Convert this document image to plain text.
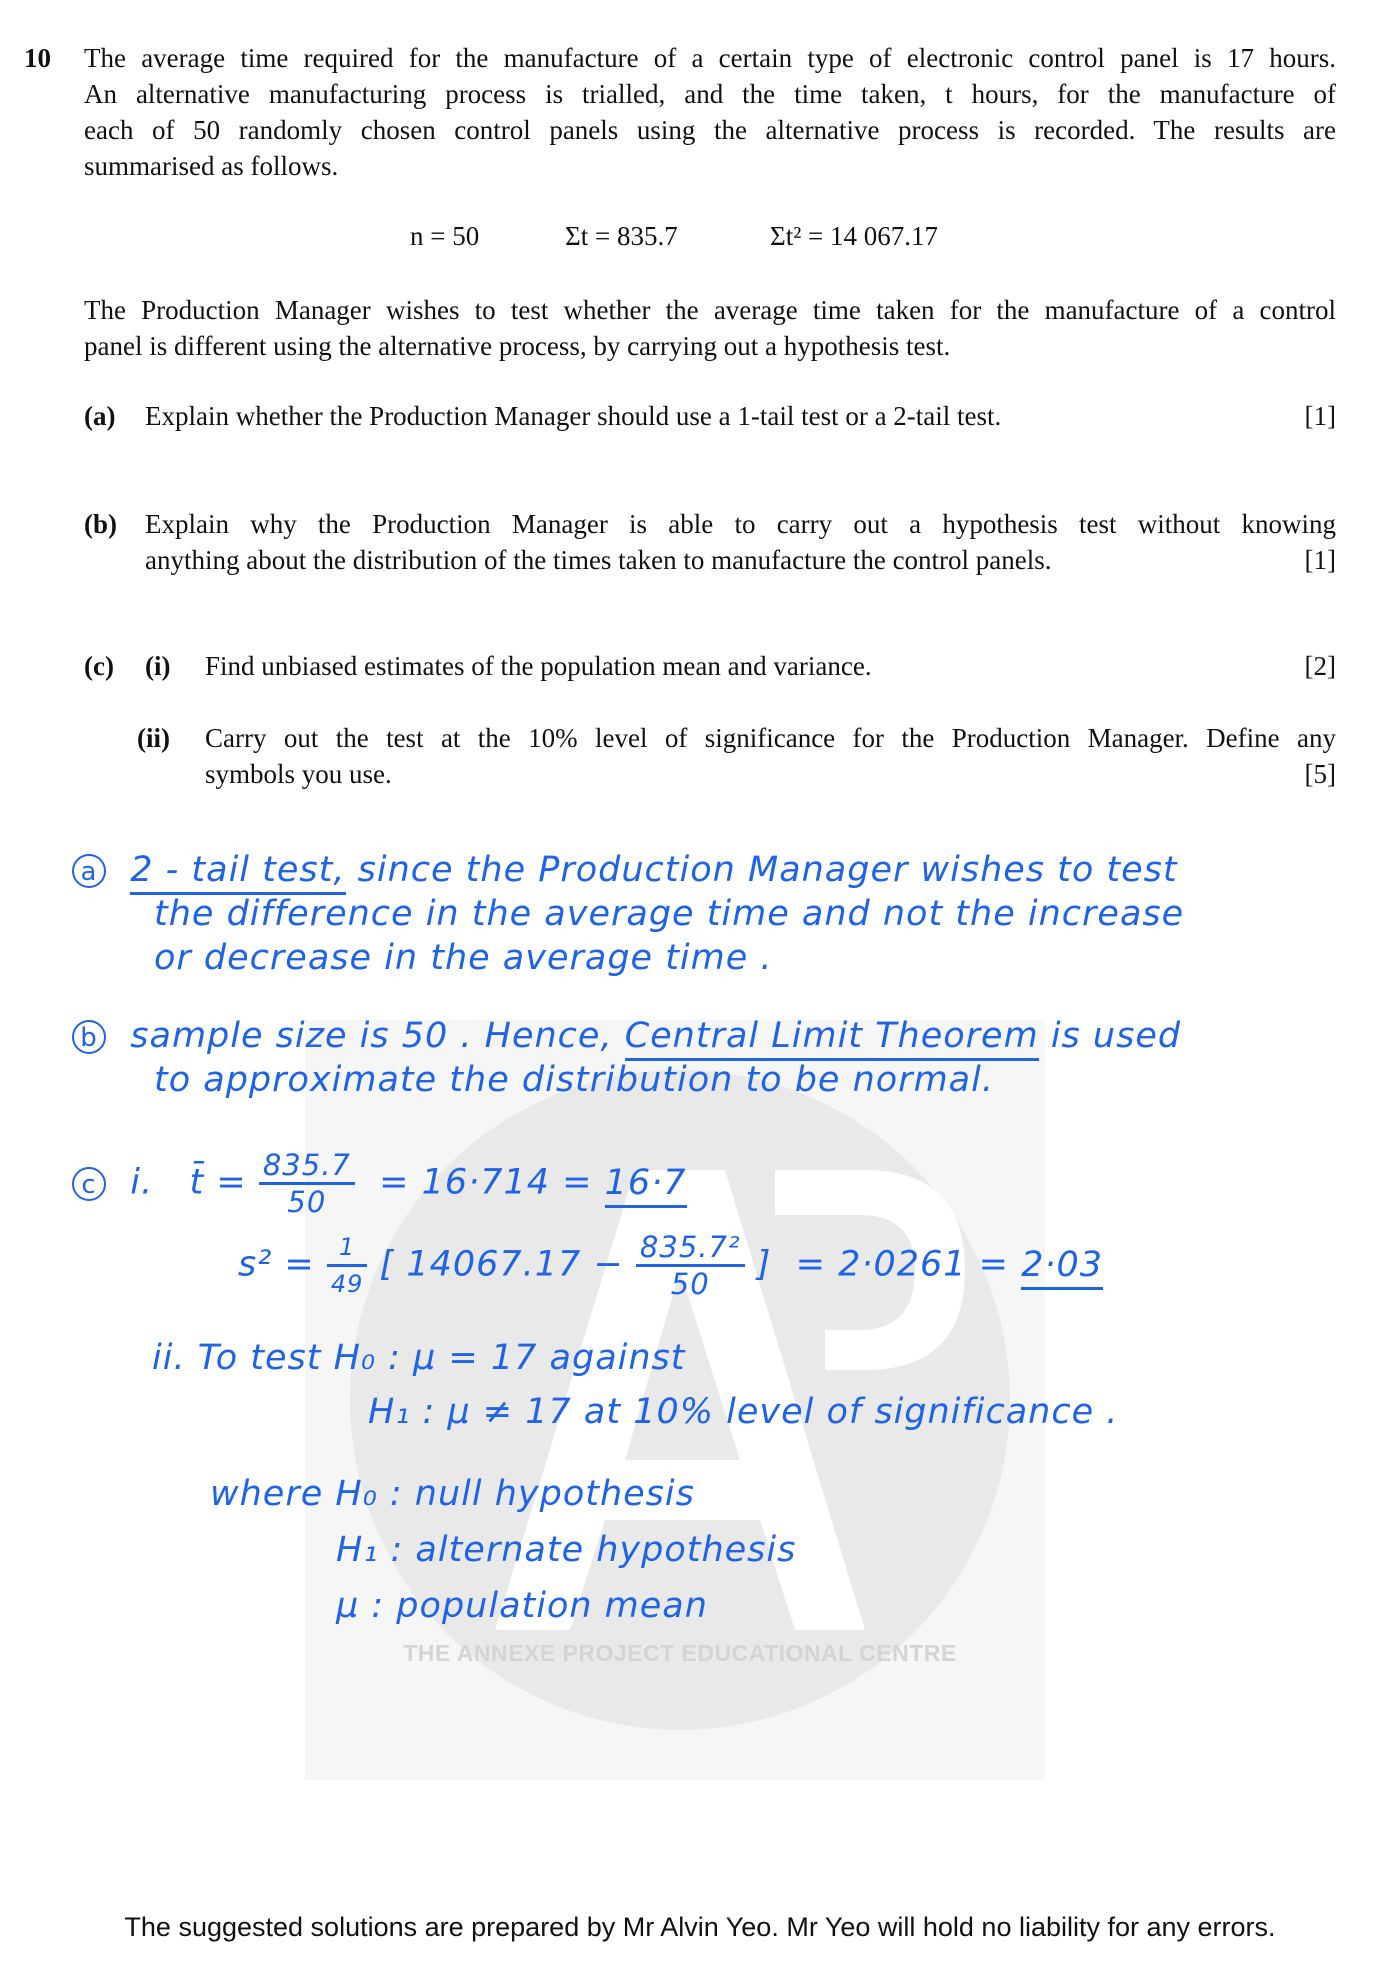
THE ANNEXE PROJECT EDUCATIONAL CENTRE
10 The average time required for the manufacture of a certain type of electronic control panel is 17 hours.
An alternative manufacturing process is trialled, and the time taken, t hours, for the manufacture of
each of 50 randomly chosen control panels using the alternative process is recorded. The results are
summarised as follows.
n = 50	Σt = 835.7	Σt² = 14 067.17
The Production Manager wishes to test whether the average time taken for the manufacture of a control
panel is different using the alternative process, by carrying out a hypothesis test.
(a) Explain whether the Production Manager should use a 1-tail test or a 2-tail test.	[1]
(b) Explain why the Production Manager is able to carry out a hypothesis test without knowing
anything about the distribution of the times taken to manufacture the control panels.	[1]
(c) (i) Find unbiased estimates of the population mean and variance.	[2]
(ii) Carry out the test at the 10% level of significance for the Production Manager. Define any
symbols you use.	[5]
a 2 - tail test, since the Production Manager wishes to test
the difference in the average time and not the increase
or decrease in the average time .
b sample size is 50 . Hence, Central Limit Theorem is used
to approximate the distribution to be normal.
c i. t̄ = $\frac{835.7}{50} = 16\cdot 714 = 16\cdot 7$
$s^2 = \frac{1}{49}$ [ $14067.17 - \frac{\text{835.7²}}{50}$ ] = 2·0261 = 2·03
ii. To test H₀ : μ = 17 against
H₁ : μ ≠ 17 at 10% level of significance .
where H₀ : null hypothesis
H₁ : alternate hypothesis
μ : population mean
The suggested solutions are prepared by Mr Alvin Yeo. Mr Yeo will hold no liability for any errors.
